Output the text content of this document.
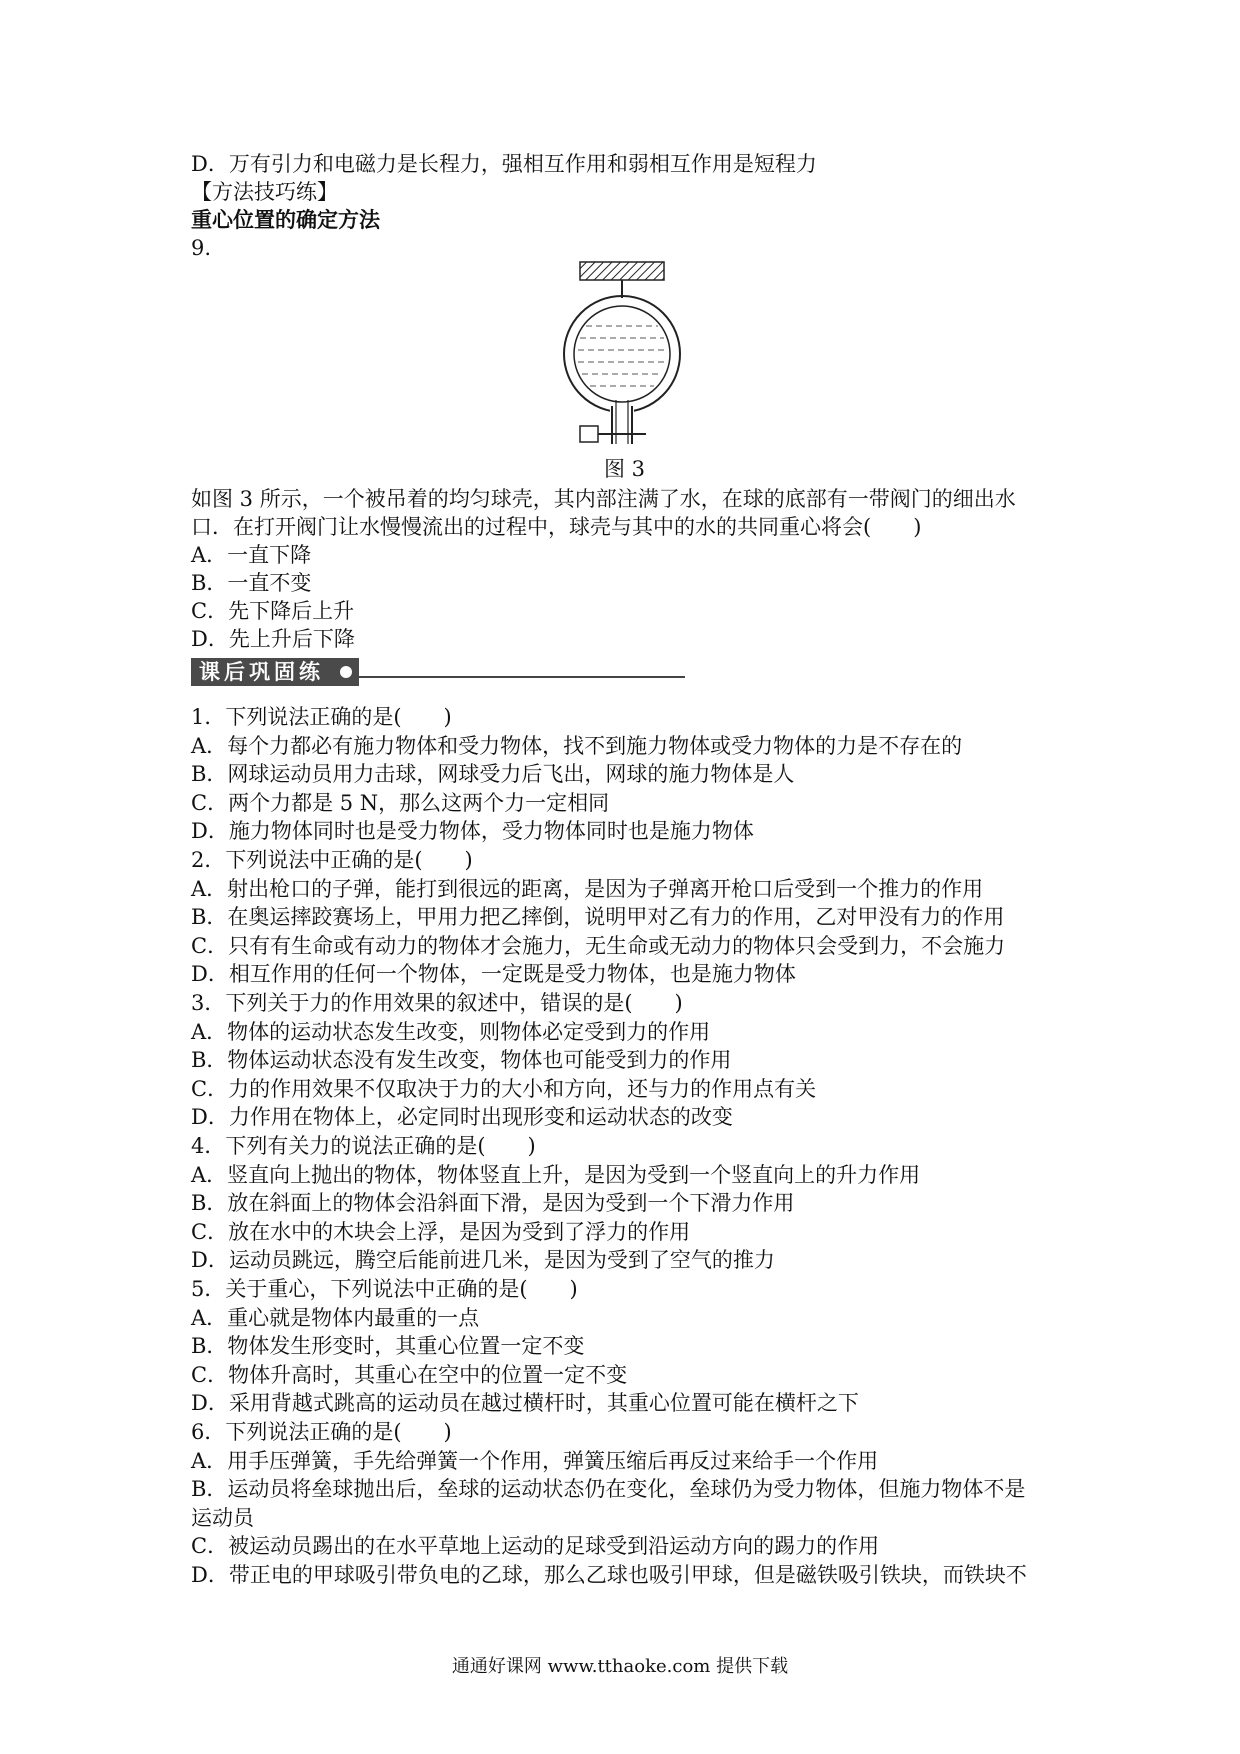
D．万有引力和电磁力是长程力，强相互作用和弱相互作用是短程力
【方法技巧练】
重心位置的确定方法
9.
图 3
如图 3 所示，一个被吊着的均匀球壳，其内部注满了水，在球的底部有一带阀门的细出水
口．在打开阀门让水慢慢流出的过程中，球壳与其中的水的共同重心将会(　　)
A．一直下降
B．一直不变
C．先下降后上升
D．先上升后下降
课后巩固练
1．下列说法正确的是(　　)
A．每个力都必有施力物体和受力物体，找不到施力物体或受力物体的力是不存在的
B．网球运动员用力击球，网球受力后飞出，网球的施力物体是人
C．两个力都是 5 N，那么这两个力一定相同
D．施力物体同时也是受力物体，受力物体同时也是施力物体
2．下列说法中正确的是(　　)
A．射出枪口的子弹，能打到很远的距离，是因为子弹离开枪口后受到一个推力的作用
B．在奥运摔跤赛场上，甲用力把乙摔倒，说明甲对乙有力的作用，乙对甲没有力的作用
C．只有有生命或有动力的物体才会施力，无生命或无动力的物体只会受到力，不会施力
D．相互作用的任何一个物体，一定既是受力物体，也是施力物体
3．下列关于力的作用效果的叙述中，错误的是(　　)
A．物体的运动状态发生改变，则物体必定受到力的作用
B．物体运动状态没有发生改变，物体也可能受到力的作用
C．力的作用效果不仅取决于力的大小和方向，还与力的作用点有关
D．力作用在物体上，必定同时出现形变和运动状态的改变
4．下列有关力的说法正确的是(　　)
A．竖直向上抛出的物体，物体竖直上升，是因为受到一个竖直向上的升力作用
B．放在斜面上的物体会沿斜面下滑，是因为受到一个下滑力作用
C．放在水中的木块会上浮，是因为受到了浮力的作用
D．运动员跳远，腾空后能前进几米，是因为受到了空气的推力
5．关于重心，下列说法中正确的是(　　)
A．重心就是物体内最重的一点
B．物体发生形变时，其重心位置一定不变
C．物体升高时，其重心在空中的位置一定不变
D．采用背越式跳高的运动员在越过横杆时，其重心位置可能在横杆之下
6．下列说法正确的是(　　)
A．用手压弹簧，手先给弹簧一个作用，弹簧压缩后再反过来给手一个作用
B．运动员将垒球抛出后，垒球的运动状态仍在变化，垒球仍为受力物体，但施力物体不是
运动员
C．被运动员踢出的在水平草地上运动的足球受到沿运动方向的踢力的作用
D．带正电的甲球吸引带负电的乙球，那么乙球也吸引甲球，但是磁铁吸引铁块，而铁块不
通通好课网 www.tthaoke.com 提供下载
